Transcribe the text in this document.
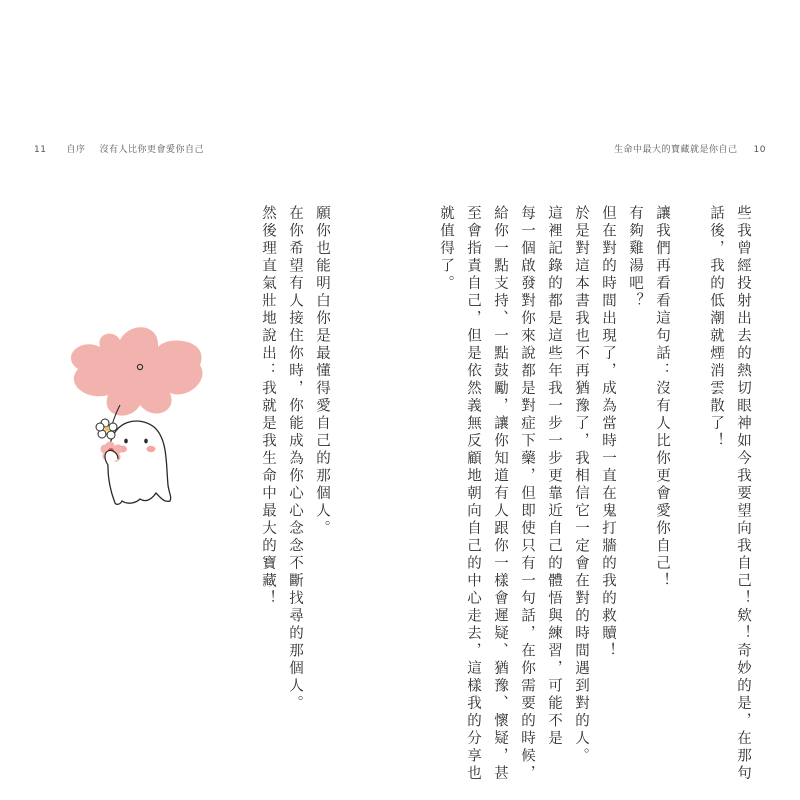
11 自序 沒有人比你更會愛你自己	生命中最大的寶藏就是你自己 10
些我曾經投射出去的熱切眼神如今我要望向我自己！欸！奇妙的是，在那句
話後，我的低潮就煙消雲散了！
讓我們再看看這句話：沒有人比你更會愛你自己！
有夠雞湯吧？
但在對的時間出現了，成為當時一直在鬼打牆的我的救贖！
於是對這本書我也不再猶豫了，我相信它一定會在對的時間遇到對的人。
這裡記錄的都是這些年我一步一步更靠近自己的體悟與練習，可能不是
每一個啟發對你來說都是對症下藥，但即使只有一句話，在你需要的時候，
給你一點支持、一點鼓勵，讓你知道有人跟你一樣會遲疑、猶豫、懷疑，甚
至會指責自己，但是依然義無反顧地朝向自己的中心走去，這樣我的分享也
就值得了。
願你也能明白你是最懂得愛自己的那個人。
在你希望有人接住你時，你能成為你心心念念不斷找尋的那個人。
然後理直氣壯地說出：我就是我生命中最大的寶藏！
